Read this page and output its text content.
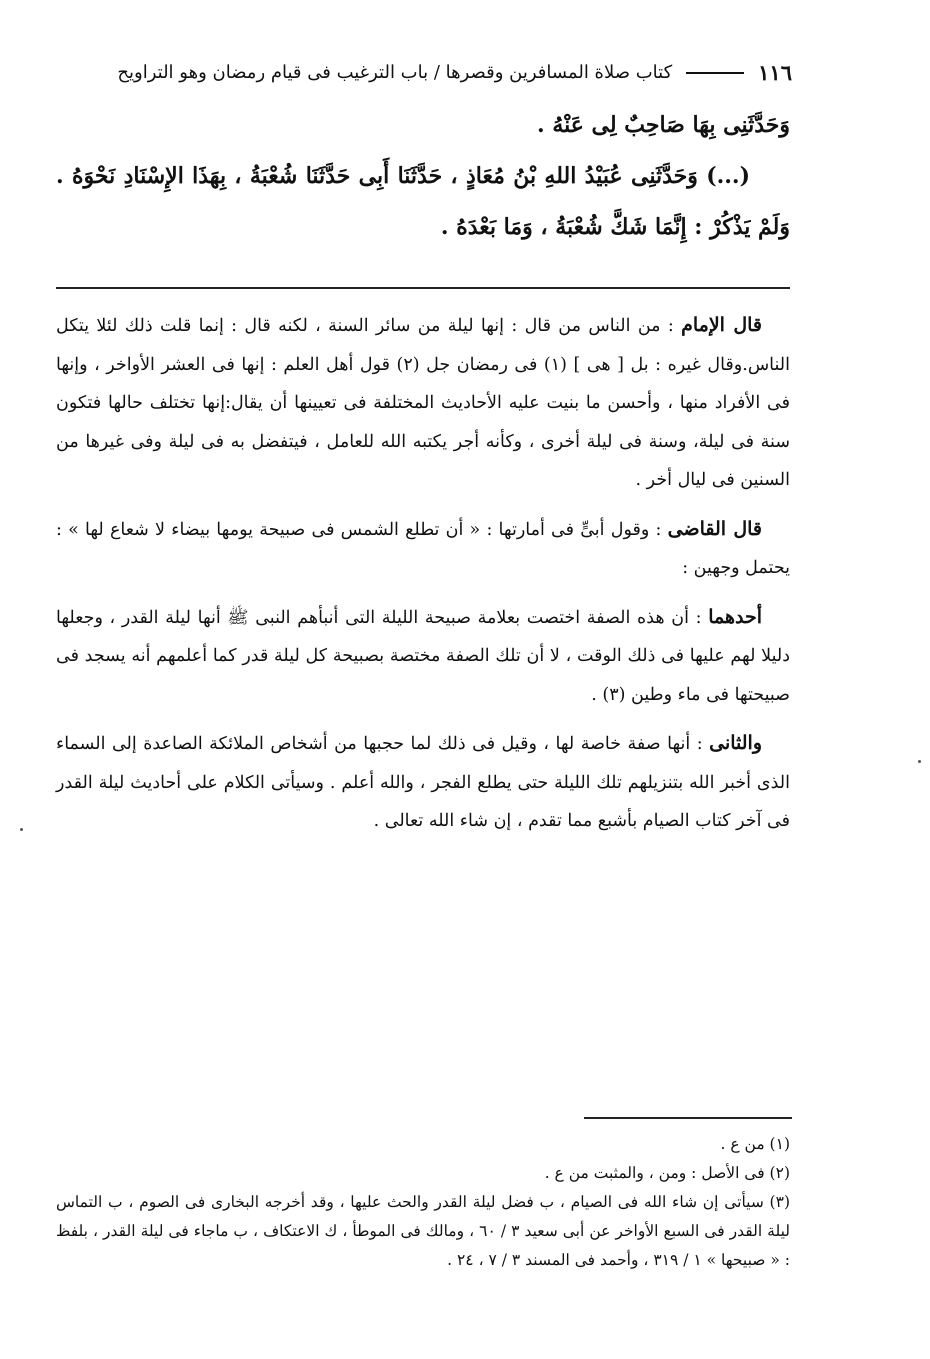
١١٦
كتاب صلاة المسافرين وقصرها / باب الترغيب فى قيام رمضان وهو التراويح

وَحَدَّثَنِى بِهَا صَاحِبٌ لِى عَنْهُ .

(...) وَحَدَّثَنِى عُبَيْدُ اللهِ بْنُ مُعَاذٍ ، حَدَّثَنَا أَبِى حَدَّثَنَا شُعْبَةُ ، بِهَذَا الإِسْنَادِ نَحْوَهُ . وَلَمْ يَذْكُرْ : إِنَّمَا شَكَّ شُعْبَةُ ، وَمَا بَعْدَهُ .

قال الإمام : من الناس من قال : إنها ليلة من سائر السنة ، لكنه قال : إنما قلت ذلك لئلا يتكل الناس.وقال غيره : بل [ هى ] (١) فى رمضان جل (٢) قول أهل العلم : إنها فى العشر الأواخر ، وإنها فى الأفراد منها ، وأحسن ما بنيت عليه الأحاديث المختلفة فى تعيينها أن يقال:إنها تختلف حالها فتكون سنة فى ليلة، وسنة فى ليلة أخرى ، وكأنه أجر يكتبه الله للعامل ، فيتفضل به فى ليلة وفى غيرها من السنين فى ليال أخر .

قال القاضى : وقول أبىٍّ فى أمارتها : « أن تطلع الشمس فى صبيحة يومها بيضاء لا شعاع لها » : يحتمل وجهين :

أحدهما : أن هذه الصفة اختصت بعلامة صبيحة الليلة التى أنبأهم النبى ﷺ أنها ليلة القدر ، وجعلها دليلا لهم عليها فى ذلك الوقت ، لا أن تلك الصفة مختصة بصبيحة كل ليلة قدر كما أعلمهم أنه يسجد فى صبيحتها فى ماء وطين (٣) .

والثانى : أنها صفة خاصة لها ، وقيل فى ذلك لما حجبها من أشخاص الملائكة الصاعدة إلى السماء الذى أخبر الله بتنزيلهم تلك الليلة حتى يطلع الفجر ، والله أعلم . وسيأتى الكلام على أحاديث ليلة القدر فى آخر كتاب الصيام بأشبع مما تقدم ، إن شاء الله تعالى .

(١) من ع .

(٢) فى الأصل : ومن ، والمثبت من ع .

(٣) سيأتى إن شاء الله فى الصيام ، ب فضل ليلة القدر والحث عليها ، وقد أخرجه البخارى فى الصوم ، ب التماس ليلة القدر فى السبع الأواخر عن أبى سعيد ٣ / ٦٠ ، ومالك فى الموطأ ، ك الاعتكاف ، ب ماجاء فى ليلة القدر ، بلفظ : « صبيحها » ١ / ٣١٩ ، وأحمد فى المسند ٣ / ٧ ، ٢٤ .
